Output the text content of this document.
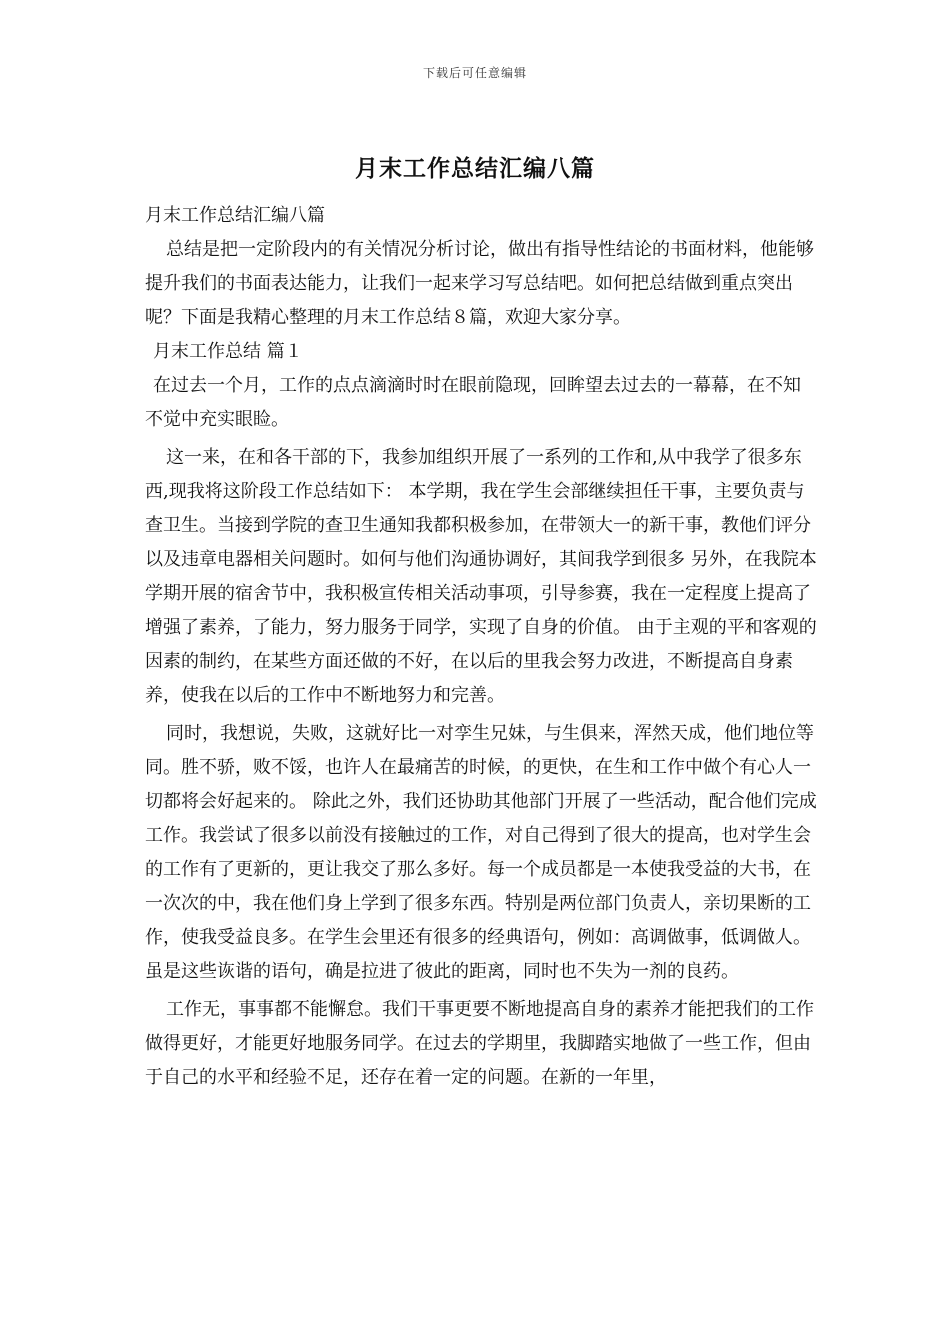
下载后可任意编辑
月末工作总结汇编八篇

月末工作总结汇编八篇

总结是把一定阶段内的有关情况分析讨论，做出有指导性结论的书面材料，他能够提升我们的书面表达能力，让我们一起来学习写总结吧。如何把总结做到重点突出呢？下面是我精心整理的月末工作总结８篇，欢迎大家分享。

月末工作总结 篇１

在过去一个月，工作的点点滴滴时时在眼前隐现，回眸望去过去的一幕幕，在不知不觉中充实眼睑。

这一来，在和各干部的下，我参加组织开展了一系列的工作和,从中我学了很多东西,现我将这阶段工作总结如下： 本学期，我在学生会部继续担任干事，主要负责与查卫生。当接到学院的查卫生通知我都积极参加，在带领大一的新干事，教他们评分以及违章电器相关问题时。如何与他们沟通协调好，其间我学到很多 另外，在我院本学期开展的宿舍节中，我积极宣传相关活动事项，引导参赛，我在一定程度上提高了增强了素养，了能力，努力服务于同学，实现了自身的价值。 由于主观的平和客观的因素的制约，在某些方面还做的不好，在以后的里我会努力改进，不断提高自身素养，使我在以后的工作中不断地努力和完善。

同时，我想说，失败，这就好比一对孪生兄妹，与生俱来，浑然天成，他们地位等同。胜不骄，败不馁，也许人在最痛苦的时候，的更快，在生和工作中做个有心人一切都将会好起来的。 除此之外，我们还协助其他部门开展了一些活动，配合他们完成工作。我尝试了很多以前没有接触过的工作，对自己得到了很大的提高，也对学生会的工作有了更新的，更让我交了那么多好。每一个成员都是一本使我受益的大书，在一次次的中，我在他们身上学到了很多东西。特别是两位部门负责人，亲切果断的工作，使我受益良多。在学生会里还有很多的经典语句，例如：高调做事，低调做人。虽是这些诙谐的语句，确是拉进了彼此的距离，同时也不失为一剂的良药。

工作无，事事都不能懈怠。我们干事更要不断地提高自身的素养才能把我们的工作做得更好，才能更好地服务同学。在过去的学期里，我脚踏实地做了一些工作，但由于自己的水平和经验不足，还存在着一定的问题。在新的一年里，
